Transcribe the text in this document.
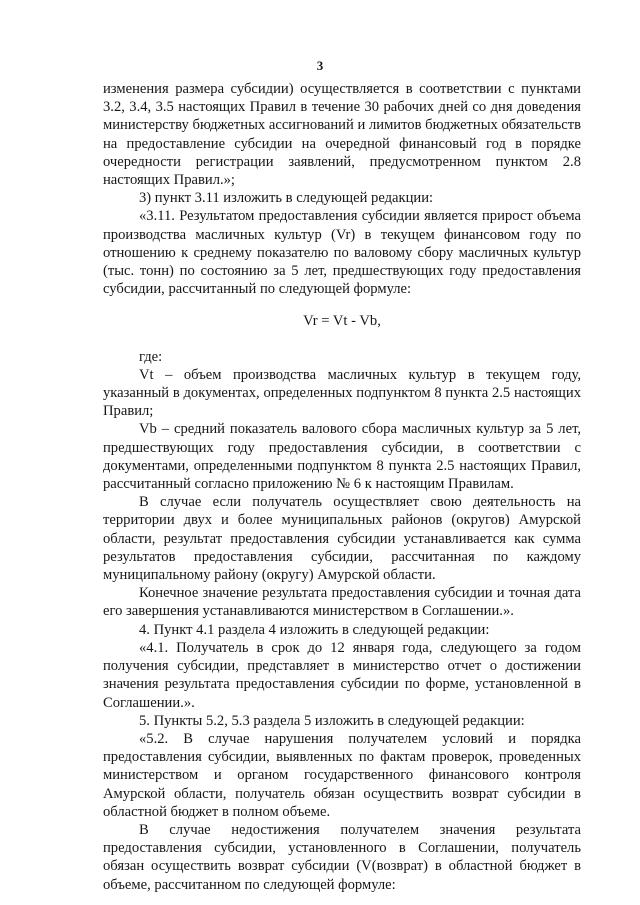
3

изменения размера субсидии) осуществляется в соответствии с пунктами 3.2, 3.4, 3.5 настоящих Правил в течение 30 рабочих дней со дня доведения министерству бюджетных ассигнований и лимитов бюджетных обязательств на предоставление субсидии на очередной финансовый год в порядке очередности регистрации заявлений, предусмотренном пунктом 2.8 настоящих Правил.»;

3) пункт 3.11 изложить в следующей редакции:

«3.11. Результатом предоставления субсидии является прирост объема производства масличных культур (Vr) в текущем финансовом году по отношению к среднему показателю по валовому сбору масличных культур (тыс. тонн) по состоянию за 5 лет, предшествующих году предоставления субсидии, рассчитанный по следующей формуле:

Vr = Vt - Vb,

где:

Vt – объем производства масличных культур в текущем году, указанный в документах, определенных подпунктом 8 пункта 2.5 настоящих Правил;

Vb – средний показатель валового сбора масличных культур за 5 лет, предшествующих году предоставления субсидии, в соответствии с документами, определенными подпунктом 8 пункта 2.5 настоящих Правил, рассчитанный согласно приложению № 6 к настоящим Правилам.

В случае если получатель осуществляет свою деятельность на территории двух и более муниципальных районов (округов) Амурской области, результат предоставления субсидии устанавливается как сумма результатов предоставления субсидии, рассчитанная по каждому муниципальному району (округу) Амурской области.

Конечное значение результата предоставления субсидии и точная дата его завершения устанавливаются министерством в Соглашении.».

4. Пункт 4.1 раздела 4 изложить в следующей редакции:

«4.1. Получатель в срок до 12 января года, следующего за годом получения субсидии, представляет в министерство отчет о достижении значения результата предоставления субсидии по форме, установленной в Соглашении.».

5. Пункты 5.2, 5.3 раздела 5 изложить в следующей редакции:

«5.2. В случае нарушения получателем условий и порядка предоставления субсидии, выявленных по фактам проверок, проведенных министерством и органом государственного финансового контроля Амурской области, получатель обязан осуществить возврат субсидии в областной бюджет в полном объеме.

В случае недостижения получателем значения результата предоставления субсидии, установленного в Соглашении, получатель обязан осуществить возврат субсидии (V(возврат) в областной бюджет в объеме, рассчитанном по следующей формуле:
